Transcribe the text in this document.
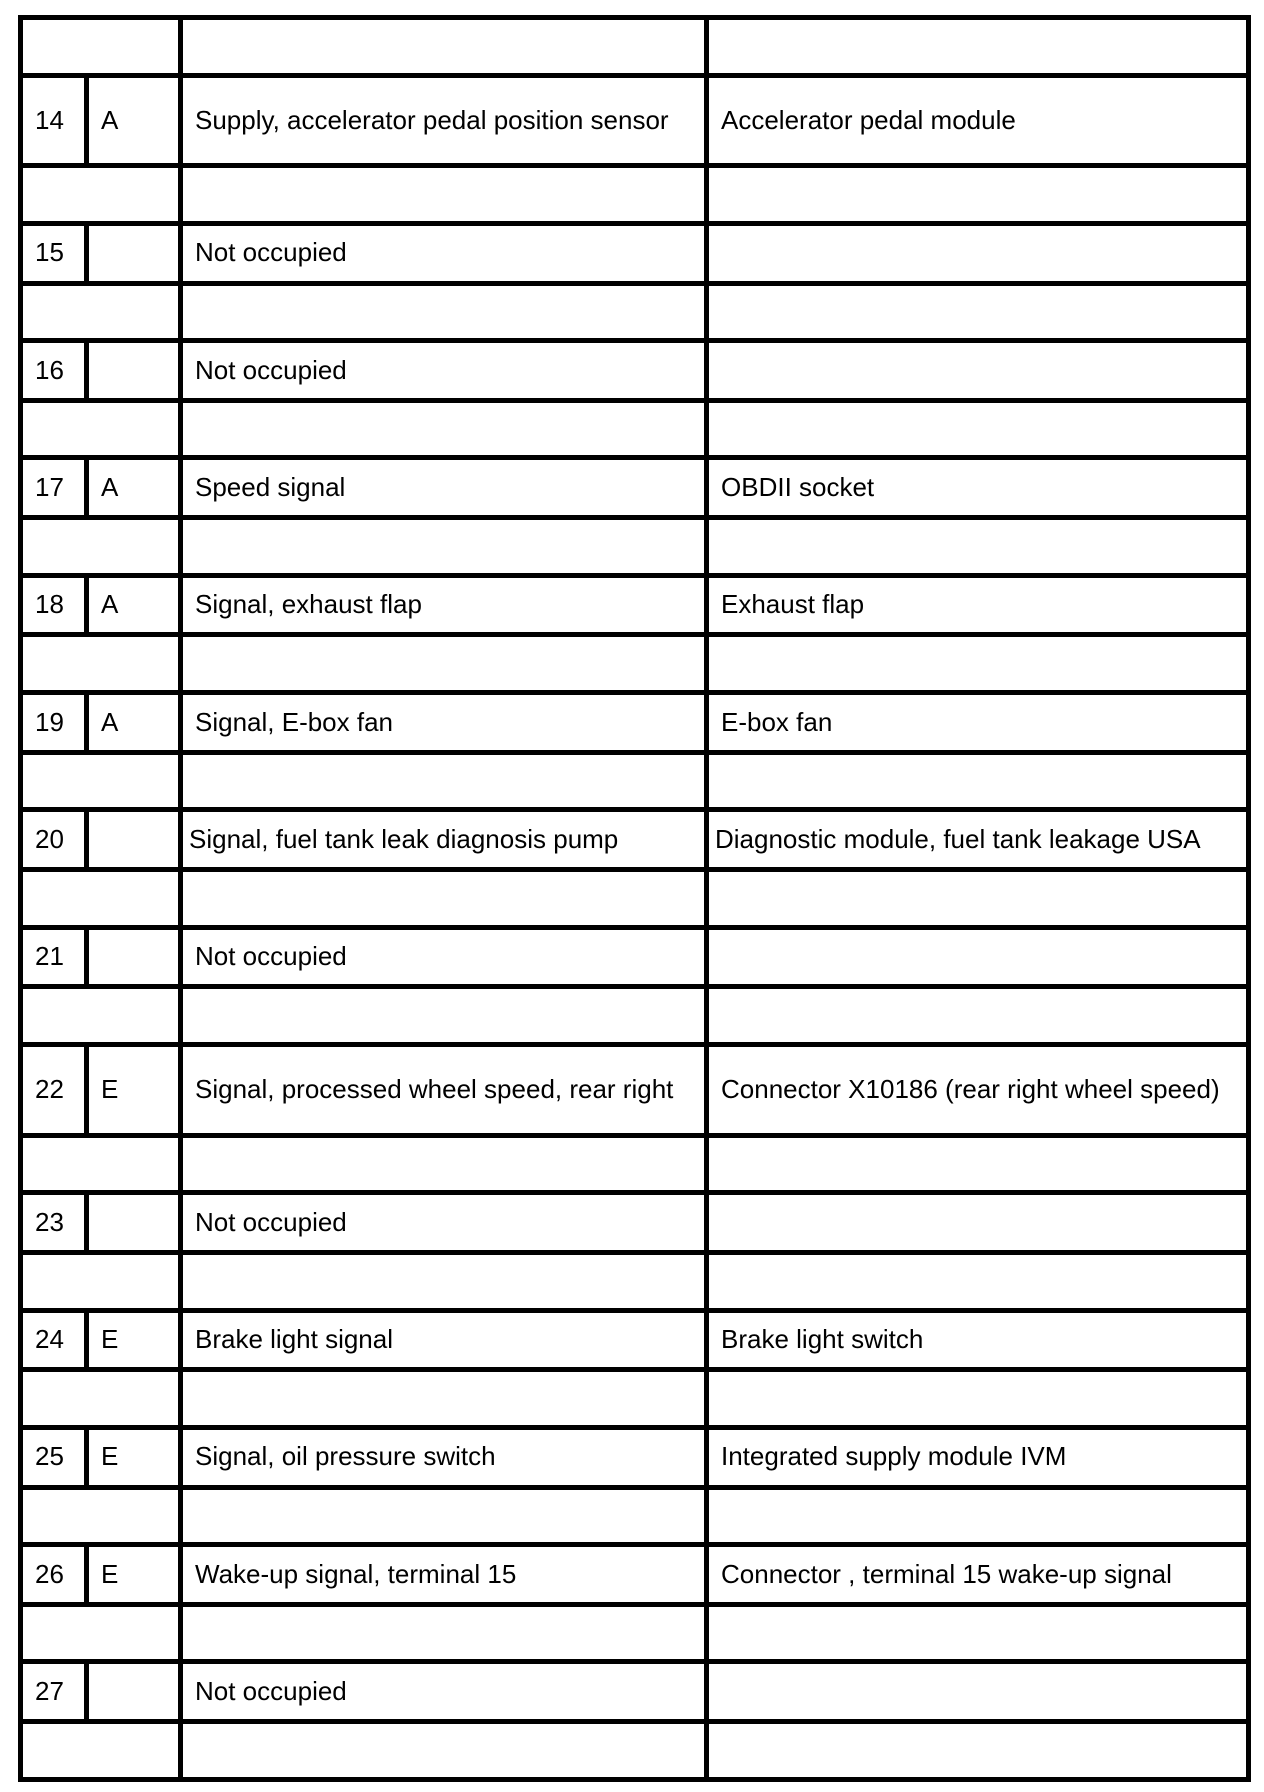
14	A	Supply, accelerator pedal position sensor	Accelerator pedal module

15		Not occupied	

16		Not occupied	

17	A	Speed signal	OBDII socket

18	A	Signal, exhaust flap	Exhaust flap

19	A	Signal, E-box fan	E-box fan

20		Signal, fuel tank leak diagnosis pump	Diagnostic module, fuel tank leakage USA

21		Not occupied	

22	E	Signal, processed wheel speed, rear right	Connector X10186 (rear right wheel speed)

23		Not occupied	

24	E	Brake light signal	Brake light switch

25	E	Signal, oil pressure switch	Integrated supply module IVM

26	E	Wake-up signal, terminal 15	Connector , terminal 15 wake-up signal

27		Not occupied	
